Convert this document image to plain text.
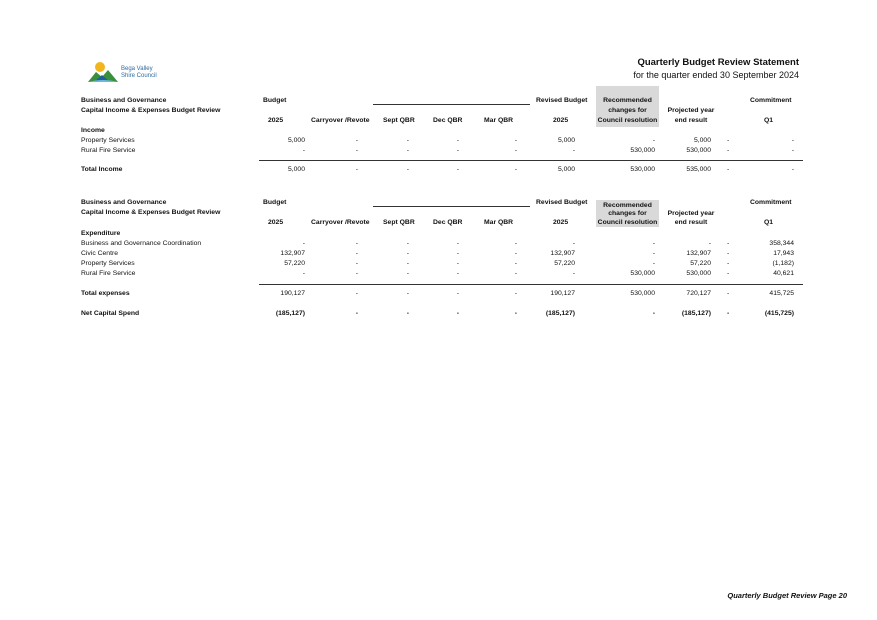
Bega Valley
Shire Council
Quarterly Budget Review Statement
for the quarter ended 30 September 2024
Business and Governance
Capital Income & Expenses Budget Review
Budget	Revised Budget	Recommended
changes for
Council resolution
Projected year
end result
Commitment
2025	Carryover /Revote Sept QBR	Dec QBR	Mar QBR	2025	Q1
Income
Property Services	5,000	-	-	-	-	5,000	-	5,000 -	-
Rural Fire Service	-	-	-	-	-	-	530,000	530,000 -	-
Total Income	5,000	-	-	-	-	5,000	530,000	535,000 -	-
Business and Governance
Capital Income & Expenses Budget Review
Budget	Revised Budget	Recommended
changes for
Council resolution
Projected year
end result
Commitment
2025	Carryover /Revote Sept QBR	Dec QBR	Mar QBR	2025	Q1
Expenditure
Business and Governance Coordination	-	-	-	-	-	-	-	- -	358,344
Civic Centre	132,907	-	-	-	-	132,907	-	132,907 -	17,943
Property Services	57,220	-	-	-	-	57,220	-	57,220 -	(1,182)
Rural Fire Service	-	-	-	-	-	-	530,000	530,000 -	40,621
Total expenses	190,127	-	-	-	-	190,127	530,000	720,127 -	415,725
Net Capital Spend	(185,127)	-	-	-	-	(185,127)	-	(185,127) -	(415,725)
Quarterly Budget Review Page 20
